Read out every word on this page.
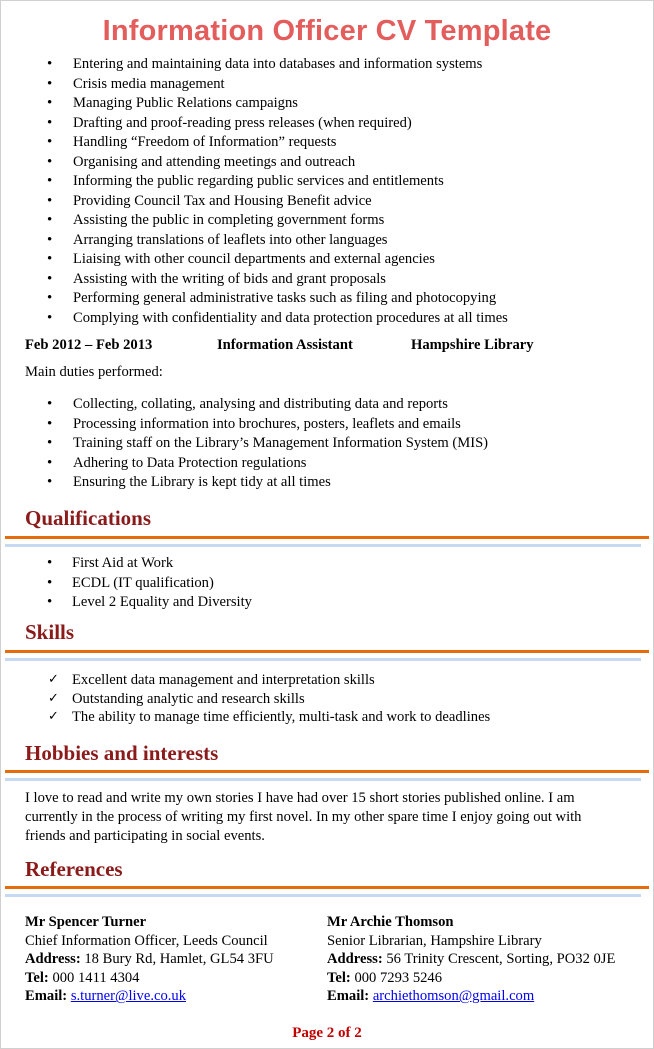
Information Officer CV Template
• Entering and maintaining data into databases and information systems
• Crisis media management
• Managing Public Relations campaigns
• Drafting and proof-reading press releases (when required)
• Handling “Freedom of Information” requests
• Organising and attending meetings and outreach
• Informing the public regarding public services and entitlements
• Providing Council Tax and Housing Benefit advice
• Assisting the public in completing government forms
• Arranging translations of leaflets into other languages
• Liaising with other council departments and external agencies
• Assisting with the writing of bids and grant proposals
• Performing general administrative tasks such as filing and photocopying
• Complying with confidentiality and data protection procedures at all times
Feb 2012 – Feb 2013	Information Assistant	Hampshire Library
Main duties performed:
• Collecting, collating, analysing and distributing data and reports
• Processing information into brochures, posters, leaflets and emails
• Training staff on the Library’s Management Information System (MIS)
• Adhering to Data Protection regulations
• Ensuring the Library is kept tidy at all times
Qualifications
• First Aid at Work
• ECDL (IT qualification)
• Level 2 Equality and Diversity
Skills
✓ Excellent data management and interpretation skills
✓ Outstanding analytic and research skills
✓ The ability to manage time efficiently, multi-task and work to deadlines
Hobbies and interests
I love to read and write my own stories I have had over 15 short stories published online. I am currently in the process of writing my first novel. In my other spare time I enjoy going out with friends and participating in social events.
References
Mr Spencer Turner
Chief Information Officer, Leeds Council
Address: 18 Bury Rd, Hamlet, GL54 3FU
Tel: 000 1411 4304
Email: s.turner@live.co.uk
Mr Archie Thomson
Senior Librarian, Hampshire Library
Address: 56 Trinity Crescent, Sorting, PO32 0JE
Tel: 000 7293 5246
Email: archiethomson@gmail.com
Page 2 of 2
